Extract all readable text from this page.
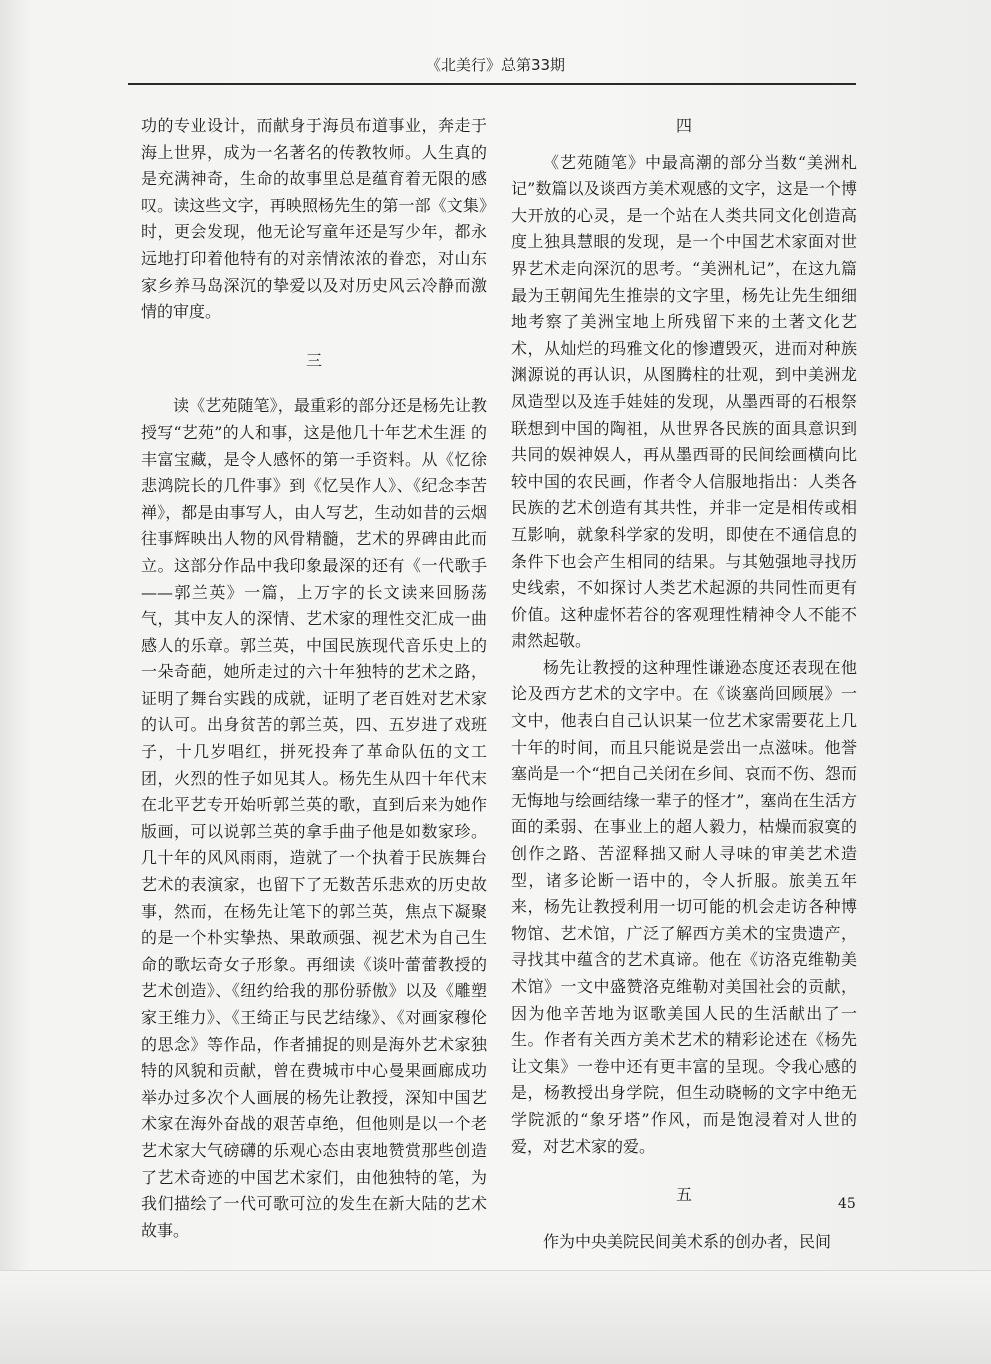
《北美行》总第33期

功的专业设计，而献身于海员布道事业，奔走于海上世界，成为一名著名的传教牧师。人生真的是充满神奇，生命的故事里总是蕴育着无限的感叹。读这些文字，再映照杨先生的第一部《文集》时，更会发现，他无论写童年还是写少年，都永远地打印着他特有的对亲情浓浓的眷恋，对山东家乡养马岛深沉的挚爱以及对历史风云冷静而激情的审度。

三

读《艺苑随笔》，最重彩的部分还是杨先让教授写“艺苑”的人和事，这是他几十年艺术生涯 的丰富宝藏，是令人感怀的第一手资料。从《忆徐悲鸿院长的几件事》到《忆吴作人》、《纪念李苦禅》，都是由事写人，由人写艺，生动如昔的云烟往事辉映出人物的风骨精髓，艺术的界碑由此而立。这部分作品中我印象最深的还有《一代歌手——郭兰英》一篇，上万字的长文读来回肠荡气，其中友人的深情、艺术家的理性交汇成一曲感人的乐章。郭兰英，中国民族现代音乐史上的一朵奇葩，她所走过的六十年独特的艺术之路，证明了舞台实践的成就，证明了老百姓对艺术家的认可。出身贫苦的郭兰英，四、五岁进了戏班子，十几岁唱红，拼死投奔了革命队伍的文工团，火烈的性子如见其人。杨先生从四十年代末在北平艺专开始听郭兰英的歌，直到后来为她作版画，可以说郭兰英的拿手曲子他是如数家珍。几十年的风风雨雨，造就了一个执着于民族舞台艺术的表演家，也留下了无数苦乐悲欢的历史故事，然而，在杨先让笔下的郭兰英，焦点下凝聚的是一个朴实挚热、果敢顽强、视艺术为自己生命的歌坛奇女子形象。再细读《谈叶蕾蕾教授的艺术创造》、《纽约给我的那份骄傲》以及《雕塑家王维力》、《王绮正与民艺结缘》、《对画家穆伦的思念》等作品，作者捕捉的则是海外艺术家独特的风貌和贡献，曾在费城市中心曼果画廊成功举办过多次个人画展的杨先让教授，深知中国艺术家在海外奋战的艰苦卓绝，但他则是以一个老艺术家大气磅礴的乐观心态由衷地赞赏那些创造了艺术奇迹的中国艺术家们，由他独特的笔，为我们描绘了一代可歌可泣的发生在新大陆的艺术故事。

四

《艺苑随笔》中最高潮的部分当数“美洲札记”数篇以及谈西方美术观感的文字，这是一个博大开放的心灵，是一个站在人类共同文化创造高度上独具慧眼的发现，是一个中国艺术家面对世界艺术走向深沉的思考。“美洲札记”，在这九篇最为王朝闻先生推崇的文字里，杨先让先生细细地考察了美洲宝地上所残留下来的土著文化艺术，从灿烂的玛雅文化的惨遭毁灭，进而对种族渊源说的再认识，从图腾柱的壮观，到中美洲龙凤造型以及连手娃娃的发现，从墨西哥的石根祭联想到中国的陶祖，从世界各民族的面具意识到共同的娱神娱人，再从墨西哥的民间绘画横向比较中国的农民画，作者令人信服地指出：人类各民族的艺术创造有其共性，并非一定是相传或相互影响，就象科学家的发明，即使在不通信息的条件下也会产生相同的结果。与其勉强地寻找历史线索，不如探讨人类艺术起源的共同性而更有价值。这种虚怀若谷的客观理性精神令人不能不肃然起敬。

杨先让教授的这种理性谦逊态度还表现在他论及西方艺术的文字中。在《谈塞尚回顾展》一文中，他表白自己认识某一位艺术家需要花上几十年的时间，而且只能说是尝出一点滋味。他誉塞尚是一个“把自己关闭在乡间、哀而不伤、怨而无悔地与绘画结缘一辈子的怪才”，塞尚在生活方面的柔弱、在事业上的超人毅力，枯燥而寂寞的创作之路、苦涩释拙又耐人寻味的审美艺术造型，诸多论断一语中的，令人折服。旅美五年来，杨先让教授利用一切可能的机会走访各种博物馆、艺术馆，广泛了解西方美术的宝贵遗产，寻找其中蕴含的艺术真谛。他在《访洛克维勒美术馆》一文中盛赞洛克维勒对美国社会的贡献，因为他辛苦地为讴歌美国人民的生活献出了一生。作者有关西方美术艺术的精彩论述在《杨先让文集》一卷中还有更丰富的呈现。令我心感的是，杨教授出身学院，但生动晓畅的文字中绝无学院派的“象牙塔”作风，而是饱浸着对人世的爱，对艺术家的爱。

五

作为中央美院民间美术系的创办者，民间

45
